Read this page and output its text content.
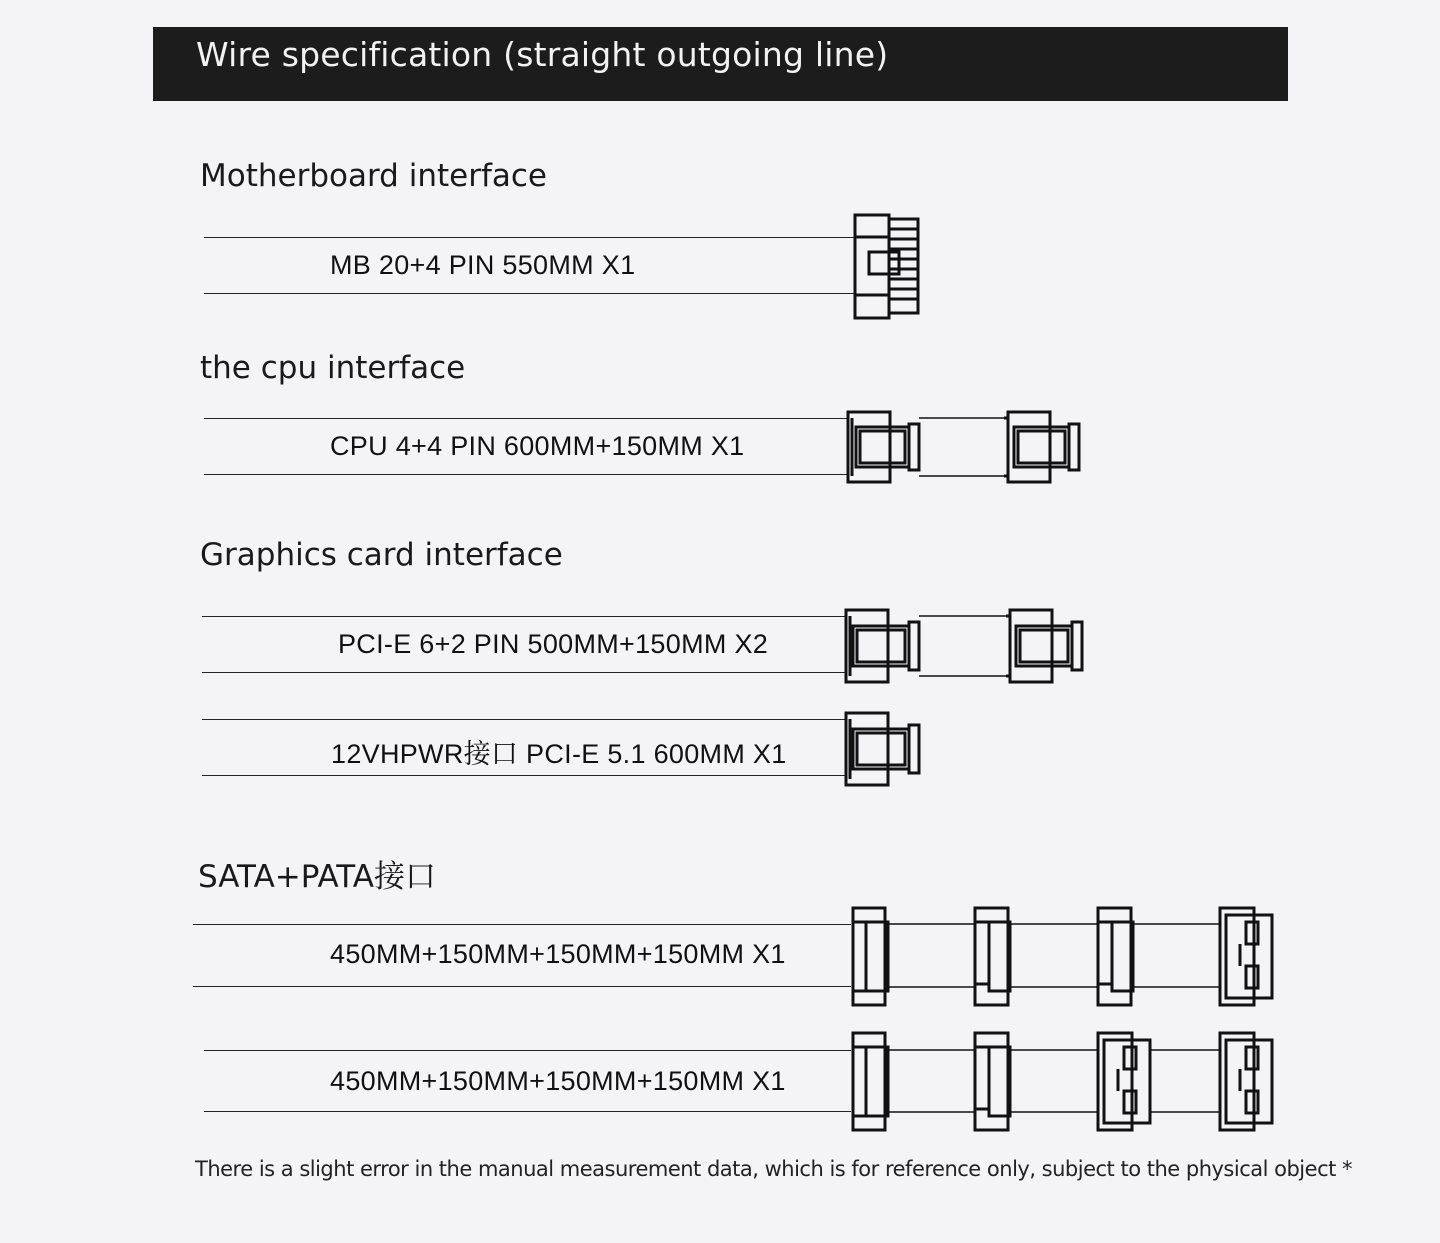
Wire specification (straight outgoing line)
Motherboard interface
the cpu interface
Graphics card interface
SATA+PATA接口
MB 20+4 PIN 550MM X1
CPU 4+4 PIN 600MM+150MM X1
PCI-E 6+2 PIN 500MM+150MM X2
12VHPWR接口 PCI-E 5.1 600MM X1
450MM+150MM+150MM+150MM X1
450MM+150MM+150MM+150MM X1
There is a slight error in the manual measurement data, which is for reference only, subject to the physical object *
